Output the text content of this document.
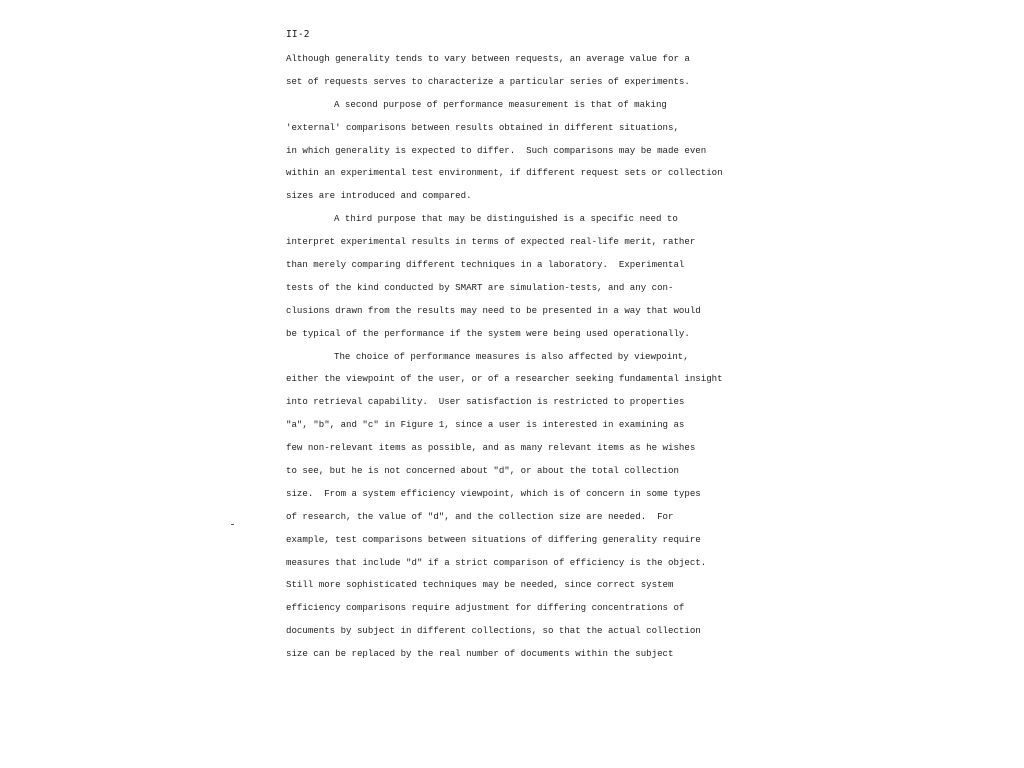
II-2
Although generality tends to vary between requests, an average value for a
set of requests serves to characterize a particular series of experiments.
A second purpose of performance measurement is that of making
'external' comparisons between results obtained in different situations,
in which generality is expected to differ.  Such comparisons may be made even
within an experimental test environment, if different request sets or collection
sizes are introduced and compared.
A third purpose that may be distinguished is a specific need to
interpret experimental results in terms of expected real-life merit, rather
than merely comparing different techniques in a laboratory.  Experimental
tests of the kind conducted by SMART are simulation-tests, and any con-
clusions drawn from the results may need to be presented in a way that would
be typical of the performance if the system were being used operationally.
The choice of performance measures is also affected by viewpoint,
either the viewpoint of the user, or of a researcher seeking fundamental insight
into retrieval capability.  User satisfaction is restricted to properties
"a", "b", and "c" in Figure 1, since a user is interested in examining as
few non-relevant items as possible, and as many relevant items as he wishes
to see, but he is not concerned about "d", or about the total collection
size.  From a system efficiency viewpoint, which is of concern in some types
of research, the value of "d", and the collection size are needed.  For
example, test comparisons between situations of differing generality require
measures that include "d" if a strict comparison of efficiency is the object.
Still more sophisticated techniques may be needed, since correct system
efficiency comparisons require adjustment for differing concentrations of
documents by subject in different collections, so that the actual collection
size can be replaced by the real number of documents within the subject
